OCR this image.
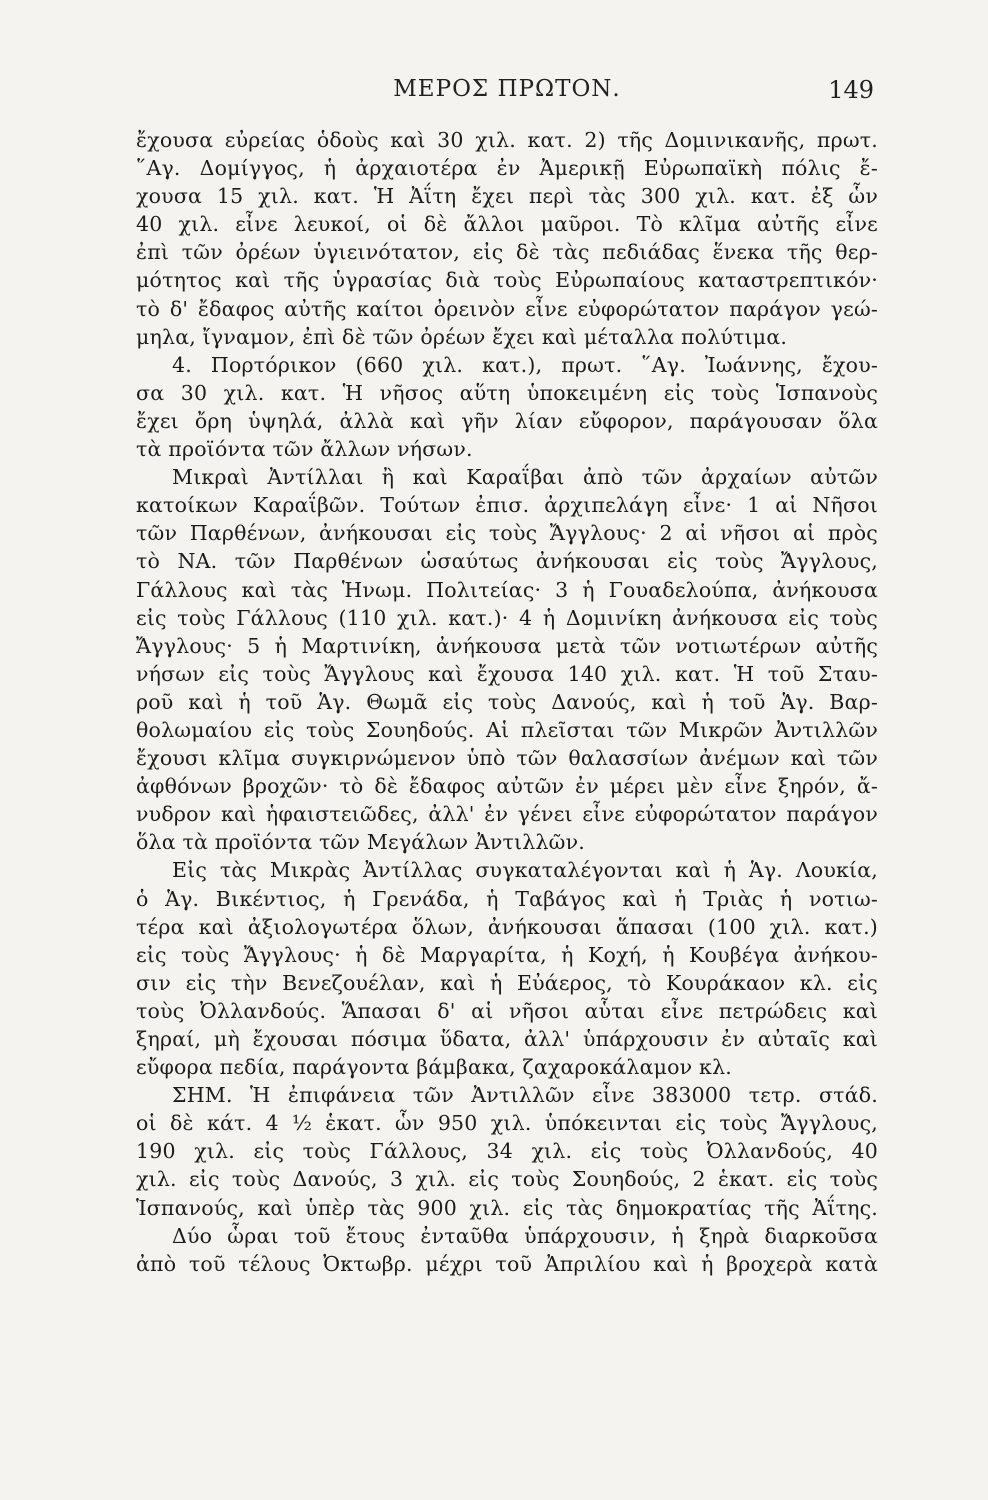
ΜΕΡΟΣ ΠΡΩΤΟΝ.	149
ἔχουσα εὐρείας ὁδοὺς καὶ 30 χιλ. κατ. 2) τῆς Δομινικανῆς, πρωτ.
῞Αγ. Δομίγγος, ἡ ἀρχαιοτέρα ἐν Ἀμερικῇ Εὐρωπαϊκὴ πόλις ἔ-
χουσα 15 χιλ. κατ. Ἡ Ἀΐτη ἔχει περὶ τὰς 300 χιλ. κατ. ἐξ ὧν
40 χιλ. εἶνε λευκοί, οἱ δὲ ἄλλοι μαῦροι. Τὸ κλῖμα αὐτῆς εἶνε
ἐπὶ τῶν ὀρέων ὑγιεινότατον, εἰς δὲ τὰς πεδιάδας ἕνεκα τῆς θερ-
μότητος καὶ τῆς ὑγρασίας διὰ τοὺς Εὐρωπαίους καταστρεπτικόν·
τὸ δ' ἔδαφος αὐτῆς καίτοι ὀρεινὸν εἶνε εὐφορώτατον παράγον γεώ-
μηλα, ἴγναμον, ἐπὶ δὲ τῶν ὀρέων ἔχει καὶ μέταλλα πολύτιμα.
4. Πορτόρικον (660 χιλ. κατ.), πρωτ. ῞Αγ. Ἰωάννης, ἔχου-
σα 30 χιλ. κατ. Ἡ νῆσος αὕτη ὑποκειμένη εἰς τοὺς Ἱσπανοὺς
ἔχει ὄρη ὑψηλά, ἀλλὰ καὶ γῆν λίαν εὔφορον, παράγουσαν ὅλα
τὰ προϊόντα τῶν ἄλλων νήσων.
Μικραὶ Ἀντίλλαι ἢ καὶ Καραΐβαι ἀπὸ τῶν ἀρχαίων αὐτῶν
κατοίκων Καραΐβῶν. Τούτων ἐπισ. ἀρχιπελάγη εἶνε· 1 αἱ Νῆσοι
τῶν Παρθένων, ἀνήκουσαι εἰς τοὺς Ἄγγλους· 2 αἱ νῆσοι αἱ πρὸς
τὸ ΝΑ. τῶν Παρθένων ὡσαύτως ἀνήκουσαι εἰς τοὺς Ἄγγλους,
Γάλλους καὶ τὰς Ἡνωμ. Πολιτείας· 3 ἡ Γουαδελούπα, ἀνήκουσα
εἰς τοὺς Γάλλους (110 χιλ. κατ.)· 4 ἡ Δομινίκη ἀνήκουσα εἰς τοὺς
Ἄγγλους· 5 ἡ Μαρτινίκη, ἀνήκουσα μετὰ τῶν νοτιωτέρων αὐτῆς
νήσων εἰς τοὺς Ἄγγλους καὶ ἔχουσα 140 χιλ. κατ. Ἡ τοῦ Σταυ-
ροῦ καὶ ἡ τοῦ Ἁγ. Θωμᾶ εἰς τοὺς Δανούς, καὶ ἡ τοῦ Ἁγ. Βαρ-
θολωμαίου εἰς τοὺς Σουηδούς. Αἱ πλεῖσται τῶν Μικρῶν Ἀντιλλῶν
ἔχουσι κλῖμα συγκιρνώμενον ὑπὸ τῶν θαλασσίων ἀνέμων καὶ τῶν
ἀφθόνων βροχῶν· τὸ δὲ ἔδαφος αὐτῶν ἐν μέρει μὲν εἶνε ξηρόν, ἄ-
νυδρον καὶ ἡφαιστειῶδες, ἀλλ' ἐν γένει εἶνε εὐφορώτατον παράγον
ὅλα τὰ προϊόντα τῶν Μεγάλων Ἀντιλλῶν.
Εἰς τὰς Μικρὰς Ἀντίλλας συγκαταλέγονται καὶ ἡ Ἁγ. Λουκία,
ὁ Ἁγ. Βικέντιος, ἡ Γρενάδα, ἡ Ταβάγος καὶ ἡ Τριὰς ἡ νοτιω-
τέρα καὶ ἀξιολογωτέρα ὅλων, ἀνήκουσαι ἅπασαι (100 χιλ. κατ.)
εἰς τοὺς Ἄγγλους· ἡ δὲ Μαργαρίτα, ἡ Κοχή, ἡ Κουβέγα ἀνήκου-
σιν εἰς τὴν Βενεζουέλαν, καὶ ἡ Εὐάερος, τὸ Κουράκαον κλ. εἰς
τοὺς Ὀλλανδούς. Ἅπασαι δ' αἱ νῆσοι αὗται εἶνε πετρώδεις καὶ
ξηραί, μὴ ἔχουσαι πόσιμα ὕδατα, ἀλλ' ὑπάρχουσιν ἐν αὐταῖς καὶ
εὔφορα πεδία, παράγοντα βάμβακα, ζαχαροκάλαμον κλ.
ΣΗΜ. Ἡ ἐπιφάνεια τῶν Ἀντιλλῶν εἶνε 383000 τετρ. στάδ.
οἱ δὲ κάτ. 4 ½ ἑκατ. ὧν 950 χιλ. ὑπόκεινται εἰς τοὺς Ἄγγλους,
190 χιλ. εἰς τοὺς Γάλλους, 34 χιλ. εἰς τοὺς Ὀλλανδούς, 40
χιλ. εἰς τοὺς Δανούς, 3 χιλ. εἰς τοὺς Σουηδούς, 2 ἑκατ. εἰς τοὺς
Ἱσπανούς, καὶ ὑπὲρ τὰς 900 χιλ. εἰς τὰς δημοκρατίας τῆς Ἀΐτης.
Δύο ὧραι τοῦ ἔτους ἐνταῦθα ὑπάρχουσιν, ἡ ξηρὰ διαρκοῦσα
ἀπὸ τοῦ τέλους Ὀκτωβρ. μέχρι τοῦ Ἀπριλίου καὶ ἡ βροχερὰ κατὰ
